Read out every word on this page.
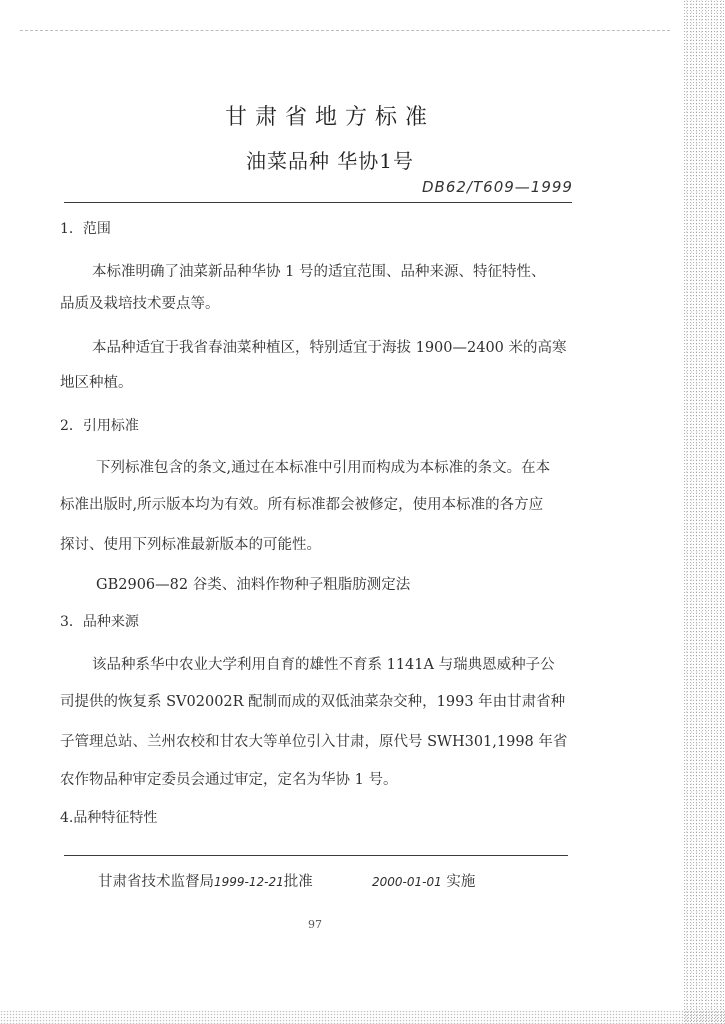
甘肃省地方标准
油菜品种 华协1号
DB62/T609—1999
1．范围
本标准明确了油菜新品种华协 1 号的适宜范围、品种来源、特征特性、
品质及栽培技术要点等。
本品种适宜于我省春油菜种植区，特别适宜于海拔 1900—2400 米的高寒
地区种植。
2．引用标准
下列标准包含的条文,通过在本标准中引用而构成为本标准的条文。在本
标准出版时,所示版本均为有效。所有标准都会被修定，使用本标准的各方应
探讨、使用下列标准最新版本的可能性。
GB2906—82 谷类、油料作物种子粗脂肪测定法
3．品种来源
该品种系华中农业大学利用自育的雄性不育系 1141A 与瑞典恩威种子公
司提供的恢复系 SV02002R 配制而成的双低油菜杂交种，1993 年由甘肃省种
子管理总站、兰州农校和甘农大等单位引入甘肃，原代号 SWH301,1998 年省
农作物品种审定委员会通过审定，定名为华协 1 号。
4.品种特征特性
甘肃省技术监督局1999-12-21批准	2000-01-01 实施
97
